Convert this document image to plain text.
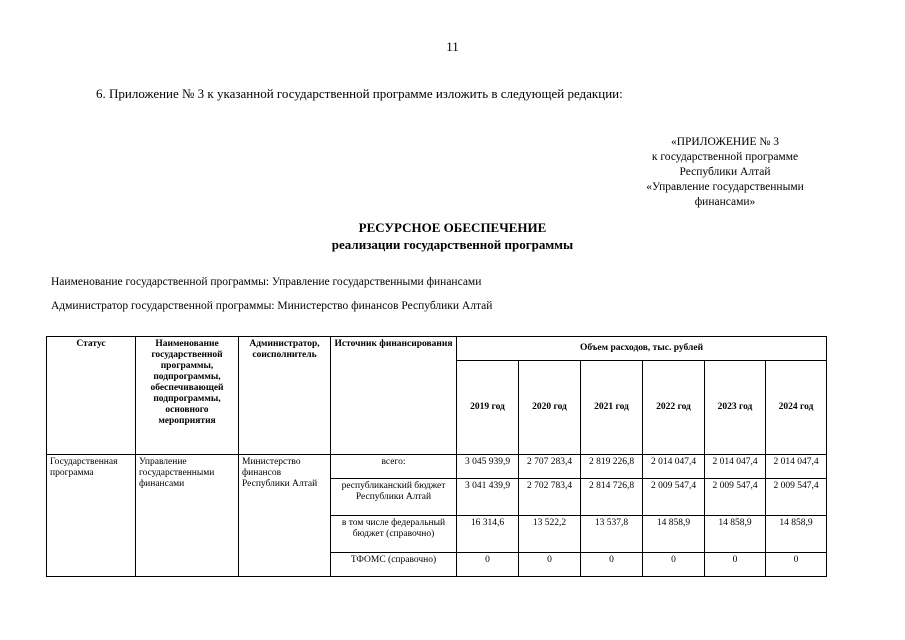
11
6. Приложение № 3 к указанной государственной программе изложить в следующей редакции:
«ПРИЛОЖЕНИЕ № 3
к государственной программе
Республики Алтай
«Управление государственными
финансами»
РЕСУРСНОЕ ОБЕСПЕЧЕНИЕ
реализации государственной программы
Наименование государственной программы: Управление государственными финансами
Администратор государственной программы: Министерство финансов Республики Алтай
Статус	Наименование государственной программы, подпрограммы, обеспечивающей подпрограммы, основного мероприятия	Администратор, соисполнитель	Источник финансирования	Объем расходов, тыс. рублей					
				2019 год	2020 год	2021 год	2022 год	2023 год	2024 год
Государственная программа	Управление государственными финансами	Министерство финансов Республики Алтай	всего:	3 045 939,9	2 707 283,4	2 819 226,8	2 014 047,4	2 014 047,4	2 014 047,4
			республиканский бюджет Республики Алтай	3 041 439,9	2 702 783,4	2 814 726,8	2 009 547,4	2 009 547,4	2 009 547,4
			в том числе федеральный бюджет (справочно)	16 314,6	13 522,2	13 537,8	14 858,9	14 858,9	14 858,9
			ТФОМС (справочно)	0	0	0	0	0	0
